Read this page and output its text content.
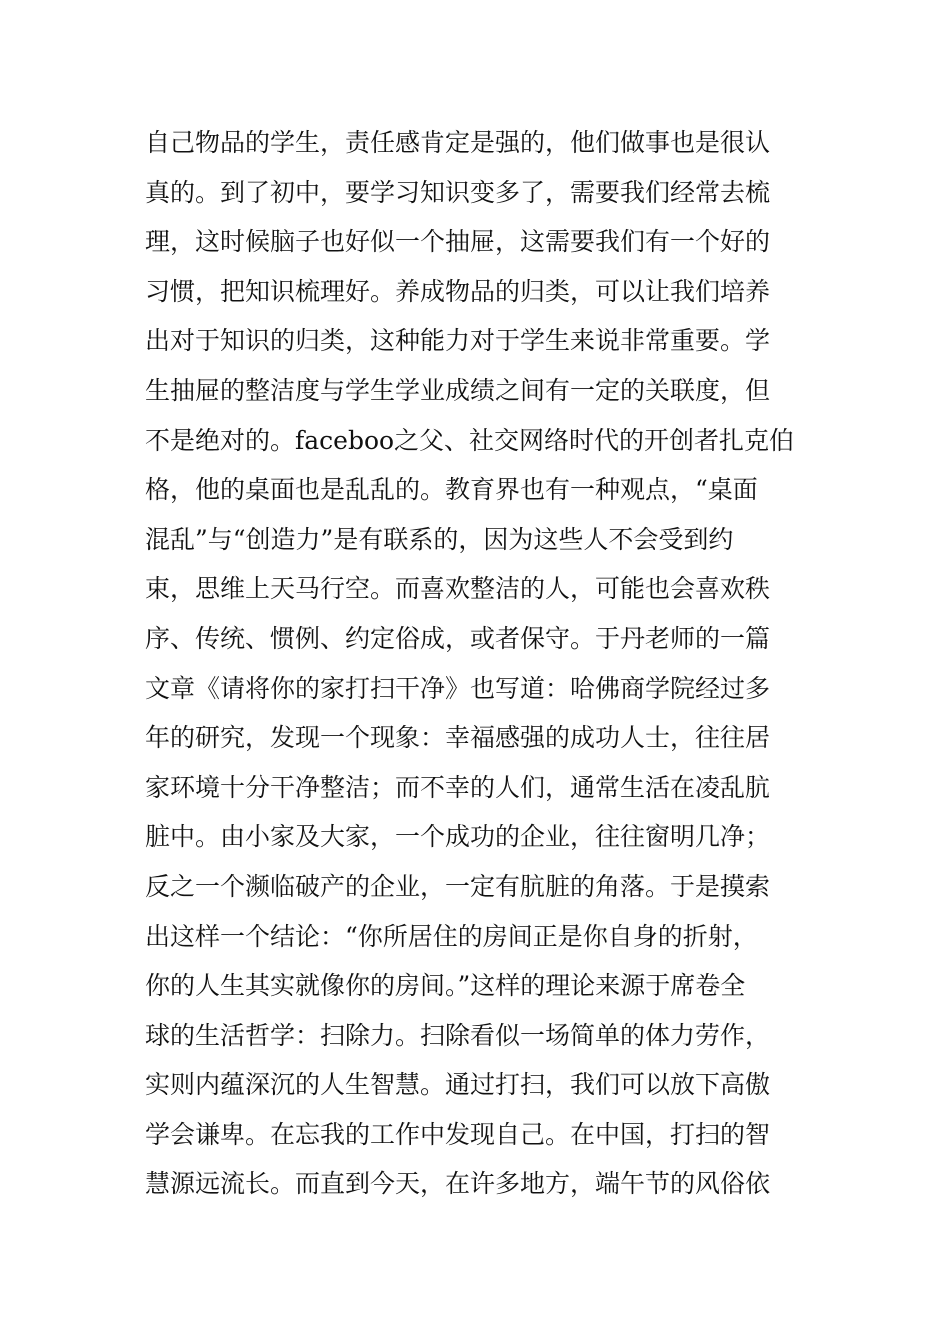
自己物品的学生，责任感肯定是强的，他们做事也是很认
真的。到了初中，要学习知识变多了，需要我们经常去梳
理，这时候脑子也好似一个抽屉，这需要我们有一个好的
习惯，把知识梳理好。养成物品的归类，可以让我们培养
出对于知识的归类，这种能力对于学生来说非常重要。学
生抽屉的整洁度与学生学业成绩之间有一定的关联度，但
不是绝对的。faceboo之父、社交网络时代的开创者扎克伯
格，他的桌面也是乱乱的。教育界也有一种观点，“桌面
混乱”与“创造力”是有联系的，因为这些人不会受到约
束，思维上天马行空。而喜欢整洁的人，可能也会喜欢秩
序、传统、惯例、约定俗成，或者保守。于丹老师的一篇
文章《请将你的家打扫干净》也写道：哈佛商学院经过多
年的研究，发现一个现象：幸福感强的成功人士，往往居
家环境十分干净整洁；而不幸的人们，通常生活在凌乱肮
脏中。由小家及大家，一个成功的企业，往往窗明几净；
反之一个濒临破产的企业，一定有肮脏的角落。于是摸索
出这样一个结论：“你所居住的房间正是你自身的折射，
你的人生其实就像你的房间。”这样的理论来源于席卷全
球的生活哲学：扫除力。扫除看似一场简单的体力劳作，
实则内蕴深沉的人生智慧。通过打扫，我们可以放下高傲
学会谦卑。在忘我的工作中发现自己。在中国，打扫的智
慧源远流长。而直到今天，在许多地方，端午节的风俗依
